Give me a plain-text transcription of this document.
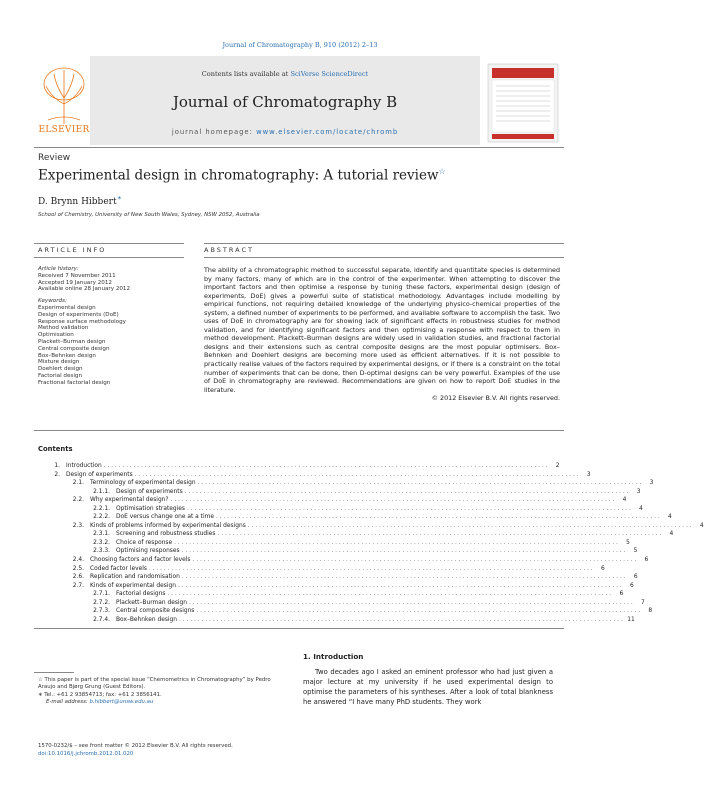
Journal of Chromatography B, 910 (2012) 2–13
ELSEVIER
Contents lists available at SciVerse ScienceDirect
Journal of Chromatography B
journal homepage: www.elsevier.com/locate/chromb
Review
Experimental design in chromatography: A tutorial review☆
D. Brynn Hibbert∗
School of Chemistry, University of New South Wales, Sydney, NSW 2052, Australia
ARTICLE INFO	ABSTRACT
Article history:
Received 7 November 2011
Accepted 19 January 2012
Available online 28 January 2012
Keywords:
Experimental design
Design of experiments (DoE)
Response surface methodology
Method validation
Optimisation
Plackett–Burman design
Central composite design
Box–Behnken design
Mixture design
Doehlert design
Factorial design
Fractional factorial design
The ability of a chromatographic method to successful separate, identify and quantitate species is determined by many factors, many of which are in the control of the experimenter. When attempting to discover the important factors and then optimise a response by tuning these factors, experimental design (design of experiments, DoE) gives a powerful suite of statistical methodology. Advantages include modelling by empirical functions, not requiring detailed knowledge of the underlying physico-chemical properties of the system, a defined number of experiments to be performed, and available software to accomplish the task. Two uses of DoE in chromatography are for showing lack of significant effects in robustness studies for method validation, and for identifying significant factors and then optimising a response with respect to them in method development. Plackett–Burman designs are widely used in validation studies, and fractional factorial designs and their extensions such as central composite designs are the most popular optimisers. Box–Behnken and Doehlert designs are becoming more used as efficient alternatives. If it is not possible to practically realise values of the factors required by experimental designs, or if there is a constraint on the total number of experiments that can be done, then D-optimal designs can be very powerful. Examples of the use of DoE in chromatography are reviewed. Recommendations are given on how to report DoE studies in the literature.
© 2012 Elsevier B.V. All rights reserved.
Contents
1.	Introduction . . . . . . . . . . . . . . . . . . . . . . . . . . . . . . . . . . . . . . . . . . . . . . . . . . . . . . . . . . . . . . . . . . . . . . . . . . . . . . . . . . . . . . . . . . . . . . . . . . . . . . . . . . . . . . . . . . . . . . .	2
2.	Design of experiments . . . . . . . . . . . . . . . . . . . . . . . . . . . . . . . . . . . . . . . . . . . . . . . . . . . . . . . . . . . . . . . . . . . . . . . . . . . . . . . . . . . . . . . . . . . . . . . . . . . . . . . . . . . . . . . . . . . . . . .	3
2.1.	Terminology of experimental design . . . . . . . . . . . . . . . . . . . . . . . . . . . . . . . . . . . . . . . . . . . . . . . . . . . . . . . . . . . . . . . . . . . . . . . . . . . . . . . . . . . . . . . . . . . . . . . . . . . . . . . . . . . . . . . . . . . . . . .	3
2.1.1.	Design of experiments . . . . . . . . . . . . . . . . . . . . . . . . . . . . . . . . . . . . . . . . . . . . . . . . . . . . . . . . . . . . . . . . . . . . . . . . . . . . . . . . . . . . . . . . . . . . . . . . . . . . . . . . . . . . . . . . . . . . . . .	3
2.2.	Why experimental design? . . . . . . . . . . . . . . . . . . . . . . . . . . . . . . . . . . . . . . . . . . . . . . . . . . . . . . . . . . . . . . . . . . . . . . . . . . . . . . . . . . . . . . . . . . . . . . . . . . . . . . . . . . . . . . . . . . . . . . .	4
2.2.1.	Optimisation strategies . . . . . . . . . . . . . . . . . . . . . . . . . . . . . . . . . . . . . . . . . . . . . . . . . . . . . . . . . . . . . . . . . . . . . . . . . . . . . . . . . . . . . . . . . . . . . . . . . . . . . . . . . . . . . . . . . . . . . . .	4
2.2.2.	DoE versus change one at a time . . . . . . . . . . . . . . . . . . . . . . . . . . . . . . . . . . . . . . . . . . . . . . . . . . . . . . . . . . . . . . . . . . . . . . . . . . . . . . . . . . . . . . . . . . . . . . . . . . . . . . . . . . . . . . . . . . . . . . .	4
2.3.	Kinds of problems informed by experimental designs . . . . . . . . . . . . . . . . . . . . . . . . . . . . . . . . . . . . . . . . . . . . . . . . . . . . . . . . . . . . . . . . . . . . . . . . . . . . . . . . . . . . . . . . . . . . . . . . . . . . . . . . . . . . . . . . . . . . . . .	4
2.3.1.	Screening and robustness studies . . . . . . . . . . . . . . . . . . . . . . . . . . . . . . . . . . . . . . . . . . . . . . . . . . . . . . . . . . . . . . . . . . . . . . . . . . . . . . . . . . . . . . . . . . . . . . . . . . . . . . . . . . . . . . . . . . . . . . .	4
2.3.2.	Choice of response . . . . . . . . . . . . . . . . . . . . . . . . . . . . . . . . . . . . . . . . . . . . . . . . . . . . . . . . . . . . . . . . . . . . . . . . . . . . . . . . . . . . . . . . . . . . . . . . . . . . . . . . . . . . . . . . . . . . . . .	5
2.3.3.	Optimising responses . . . . . . . . . . . . . . . . . . . . . . . . . . . . . . . . . . . . . . . . . . . . . . . . . . . . . . . . . . . . . . . . . . . . . . . . . . . . . . . . . . . . . . . . . . . . . . . . . . . . . . . . . . . . . . . . . . . . . . .	5
2.4.	Choosing factors and factor levels . . . . . . . . . . . . . . . . . . . . . . . . . . . . . . . . . . . . . . . . . . . . . . . . . . . . . . . . . . . . . . . . . . . . . . . . . . . . . . . . . . . . . . . . . . . . . . . . . . . . . . . . . . . . . . . . . . . . . . .	6
2.5.	Coded factor levels . . . . . . . . . . . . . . . . . . . . . . . . . . . . . . . . . . . . . . . . . . . . . . . . . . . . . . . . . . . . . . . . . . . . . . . . . . . . . . . . . . . . . . . . . . . . . . . . . . . . . . . . . . . . . . . . . . . . . . .	6
2.6.	Replication and randomisation . . . . . . . . . . . . . . . . . . . . . . . . . . . . . . . . . . . . . . . . . . . . . . . . . . . . . . . . . . . . . . . . . . . . . . . . . . . . . . . . . . . . . . . . . . . . . . . . . . . . . . . . . . . . . . . . . . . . . . .	6
2.7.	Kinds of experimental design . . . . . . . . . . . . . . . . . . . . . . . . . . . . . . . . . . . . . . . . . . . . . . . . . . . . . . . . . . . . . . . . . . . . . . . . . . . . . . . . . . . . . . . . . . . . . . . . . . . . . . . . . . . . . . . . . . . . . . .	6
2.7.1.	Factorial designs . . . . . . . . . . . . . . . . . . . . . . . . . . . . . . . . . . . . . . . . . . . . . . . . . . . . . . . . . . . . . . . . . . . . . . . . . . . . . . . . . . . . . . . . . . . . . . . . . . . . . . . . . . . . . . . . . . . . . . .	6
2.7.2.	Plackett–Burman design . . . . . . . . . . . . . . . . . . . . . . . . . . . . . . . . . . . . . . . . . . . . . . . . . . . . . . . . . . . . . . . . . . . . . . . . . . . . . . . . . . . . . . . . . . . . . . . . . . . . . . . . . . . . . . . . . . . . . . .	7
2.7.3.	Central composite designs . . . . . . . . . . . . . . . . . . . . . . . . . . . . . . . . . . . . . . . . . . . . . . . . . . . . . . . . . . . . . . . . . . . . . . . . . . . . . . . . . . . . . . . . . . . . . . . . . . . . . . . . . . . . . . . . . . . . . . .	8
2.7.4.	Box–Behnken design . . . . . . . . . . . . . . . . . . . . . . . . . . . . . . . . . . . . . . . . . . . . . . . . . . . . . . . . . . . . . . . . . . . . . . . . . . . . . . . . . . . . . . . . . . . . . . . . . . . . . . . . . . . . . . . . . . . . . . . 11
1. Introduction
Two decades ago I asked an eminent professor who had just given a major lecture at my university if he used experimental design to optimise the parameters of his syntheses. After a look of total blankness he answered “I have many PhD students. They work
☆ This paper is part of the special issue “Chemometrics in Chromatography” by Pedro Araujo and Bjørg Grung (Guest Editors).
∗ Tel.: +61 2 93854713; fax: +61 2 3856141.
E-mail address: b.hibbert@unsw.edu.au
1570-0232/$ – see front matter © 2012 Elsevier B.V. All rights reserved.
doi:10.1016/j.jchromb.2012.01.020
